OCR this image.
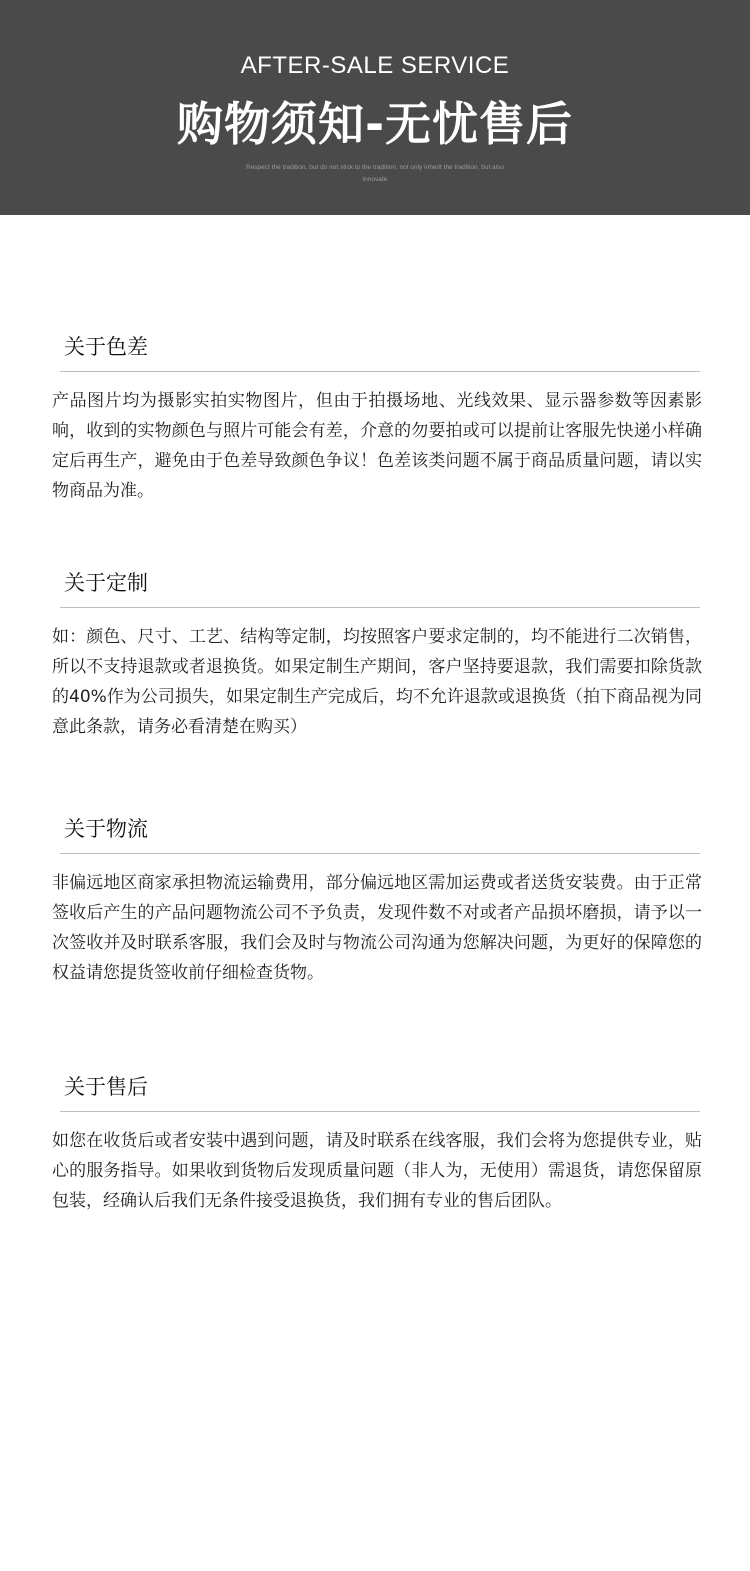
AFTER-SALE SERVICE
购物须知-无忧售后
Respect the tradition, but do not stick to the tradition, not only inherit the tradition, but also innovate
关于色差
产品图片均为摄影实拍实物图片，但由于拍摄场地、光线效果、显示器参数等因素影响，收到的实物颜色与照片可能会有差，介意的勿要拍或可以提前让客服先快递小样确定后再生产，避免由于色差导致颜色争议！色差该类问题不属于商品质量问题，请以实物商品为准。
关于定制
如：颜色、尺寸、工艺、结构等定制，均按照客户要求定制的，均不能进行二次销售，所以不支持退款或者退换货。如果定制生产期间，客户坚持要退款，我们需要扣除货款的40%作为公司损失，如果定制生产完成后，均不允许退款或退换货（拍下商品视为同意此条款，请务必看清楚在购买）
关于物流
非偏远地区商家承担物流运输费用，部分偏远地区需加运费或者送货安装费。由于正常签收后产生的产品问题物流公司不予负责，发现件数不对或者产品损坏磨损，请予以一次签收并及时联系客服，我们会及时与物流公司沟通为您解决问题，为更好的保障您的权益请您提货签收前仔细检查货物。
关于售后
如您在收货后或者安装中遇到问题，请及时联系在线客服，我们会将为您提供专业，贴心的服务指导。如果收到货物后发现质量问题（非人为，无使用）需退货，请您保留原包装，经确认后我们无条件接受退换货，我们拥有专业的售后团队。
